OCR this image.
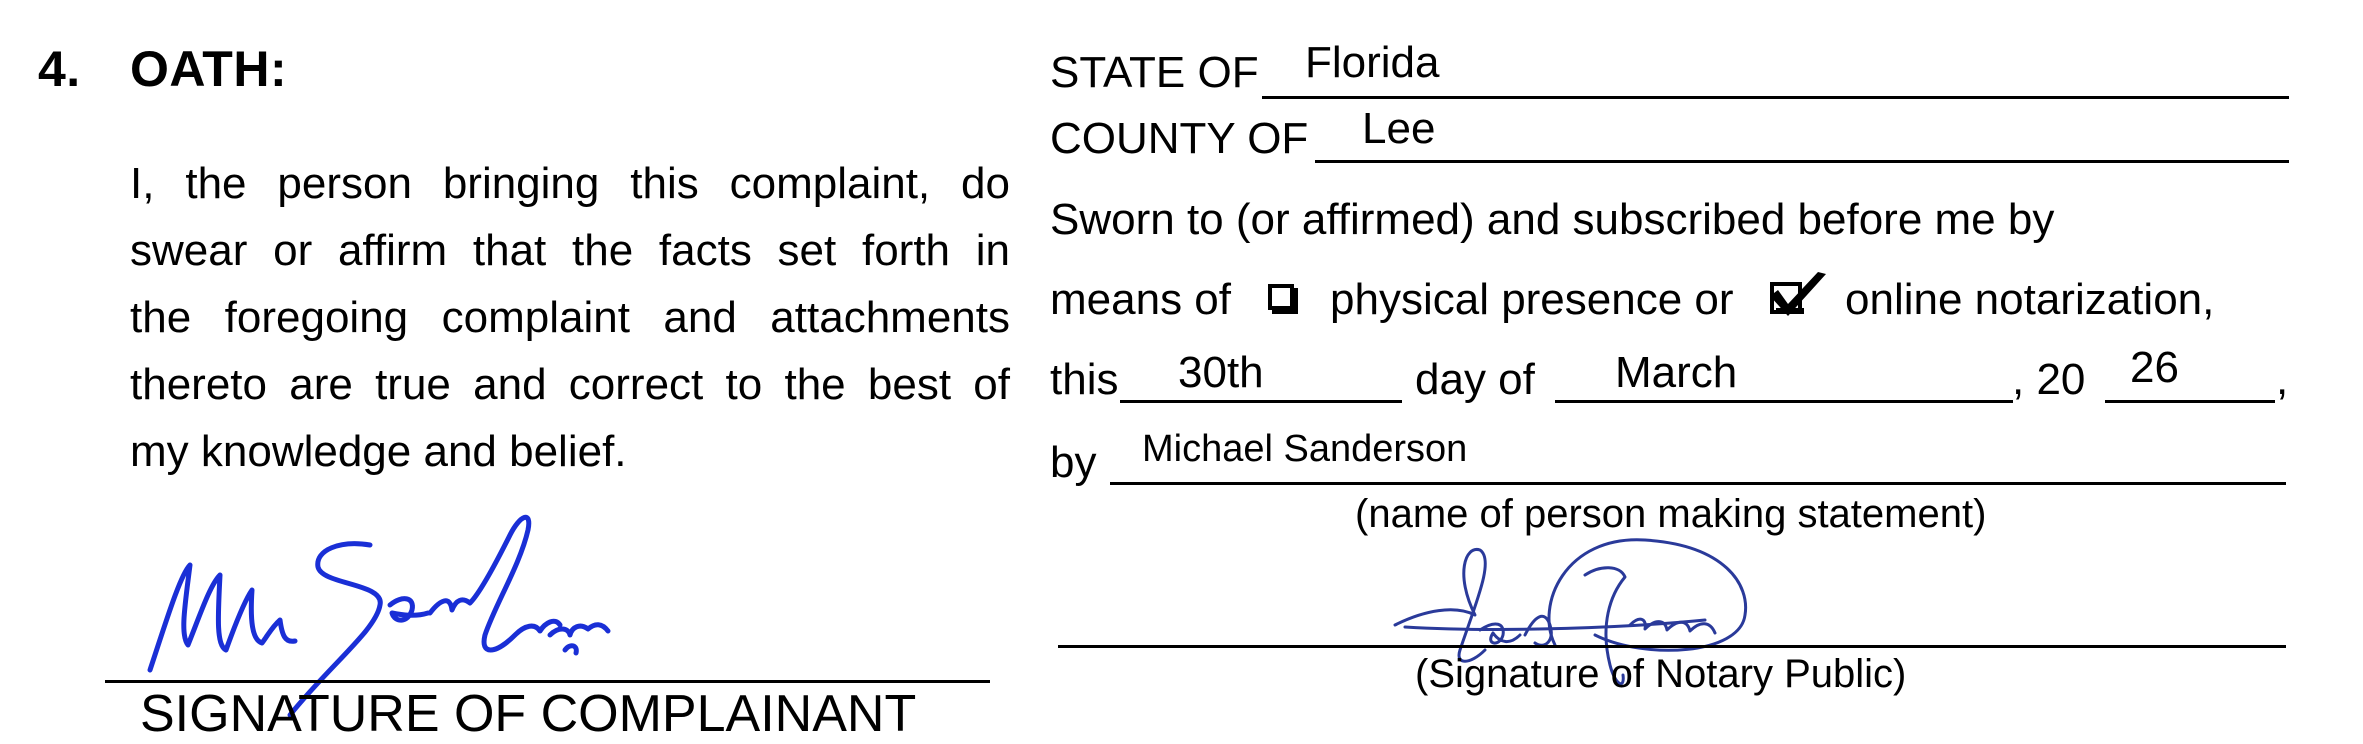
4. OATH:
I, the person bringing this complaint, do
swear or affirm that the facts set forth in
the foregoing complaint and attachments
thereto are true and correct to the best of
my knowledge and belief.
SIGNATURE OF COMPLAINANT
STATE OF Florida
COUNTY OF Lee
Sworn to (or affirmed) and subscribed before me by
means of physical presence or	online notarization,
this 30th	day of March	, 20 26 ,
by Michael Sanderson
(name of person making statement)
(Signature of Notary Public)
